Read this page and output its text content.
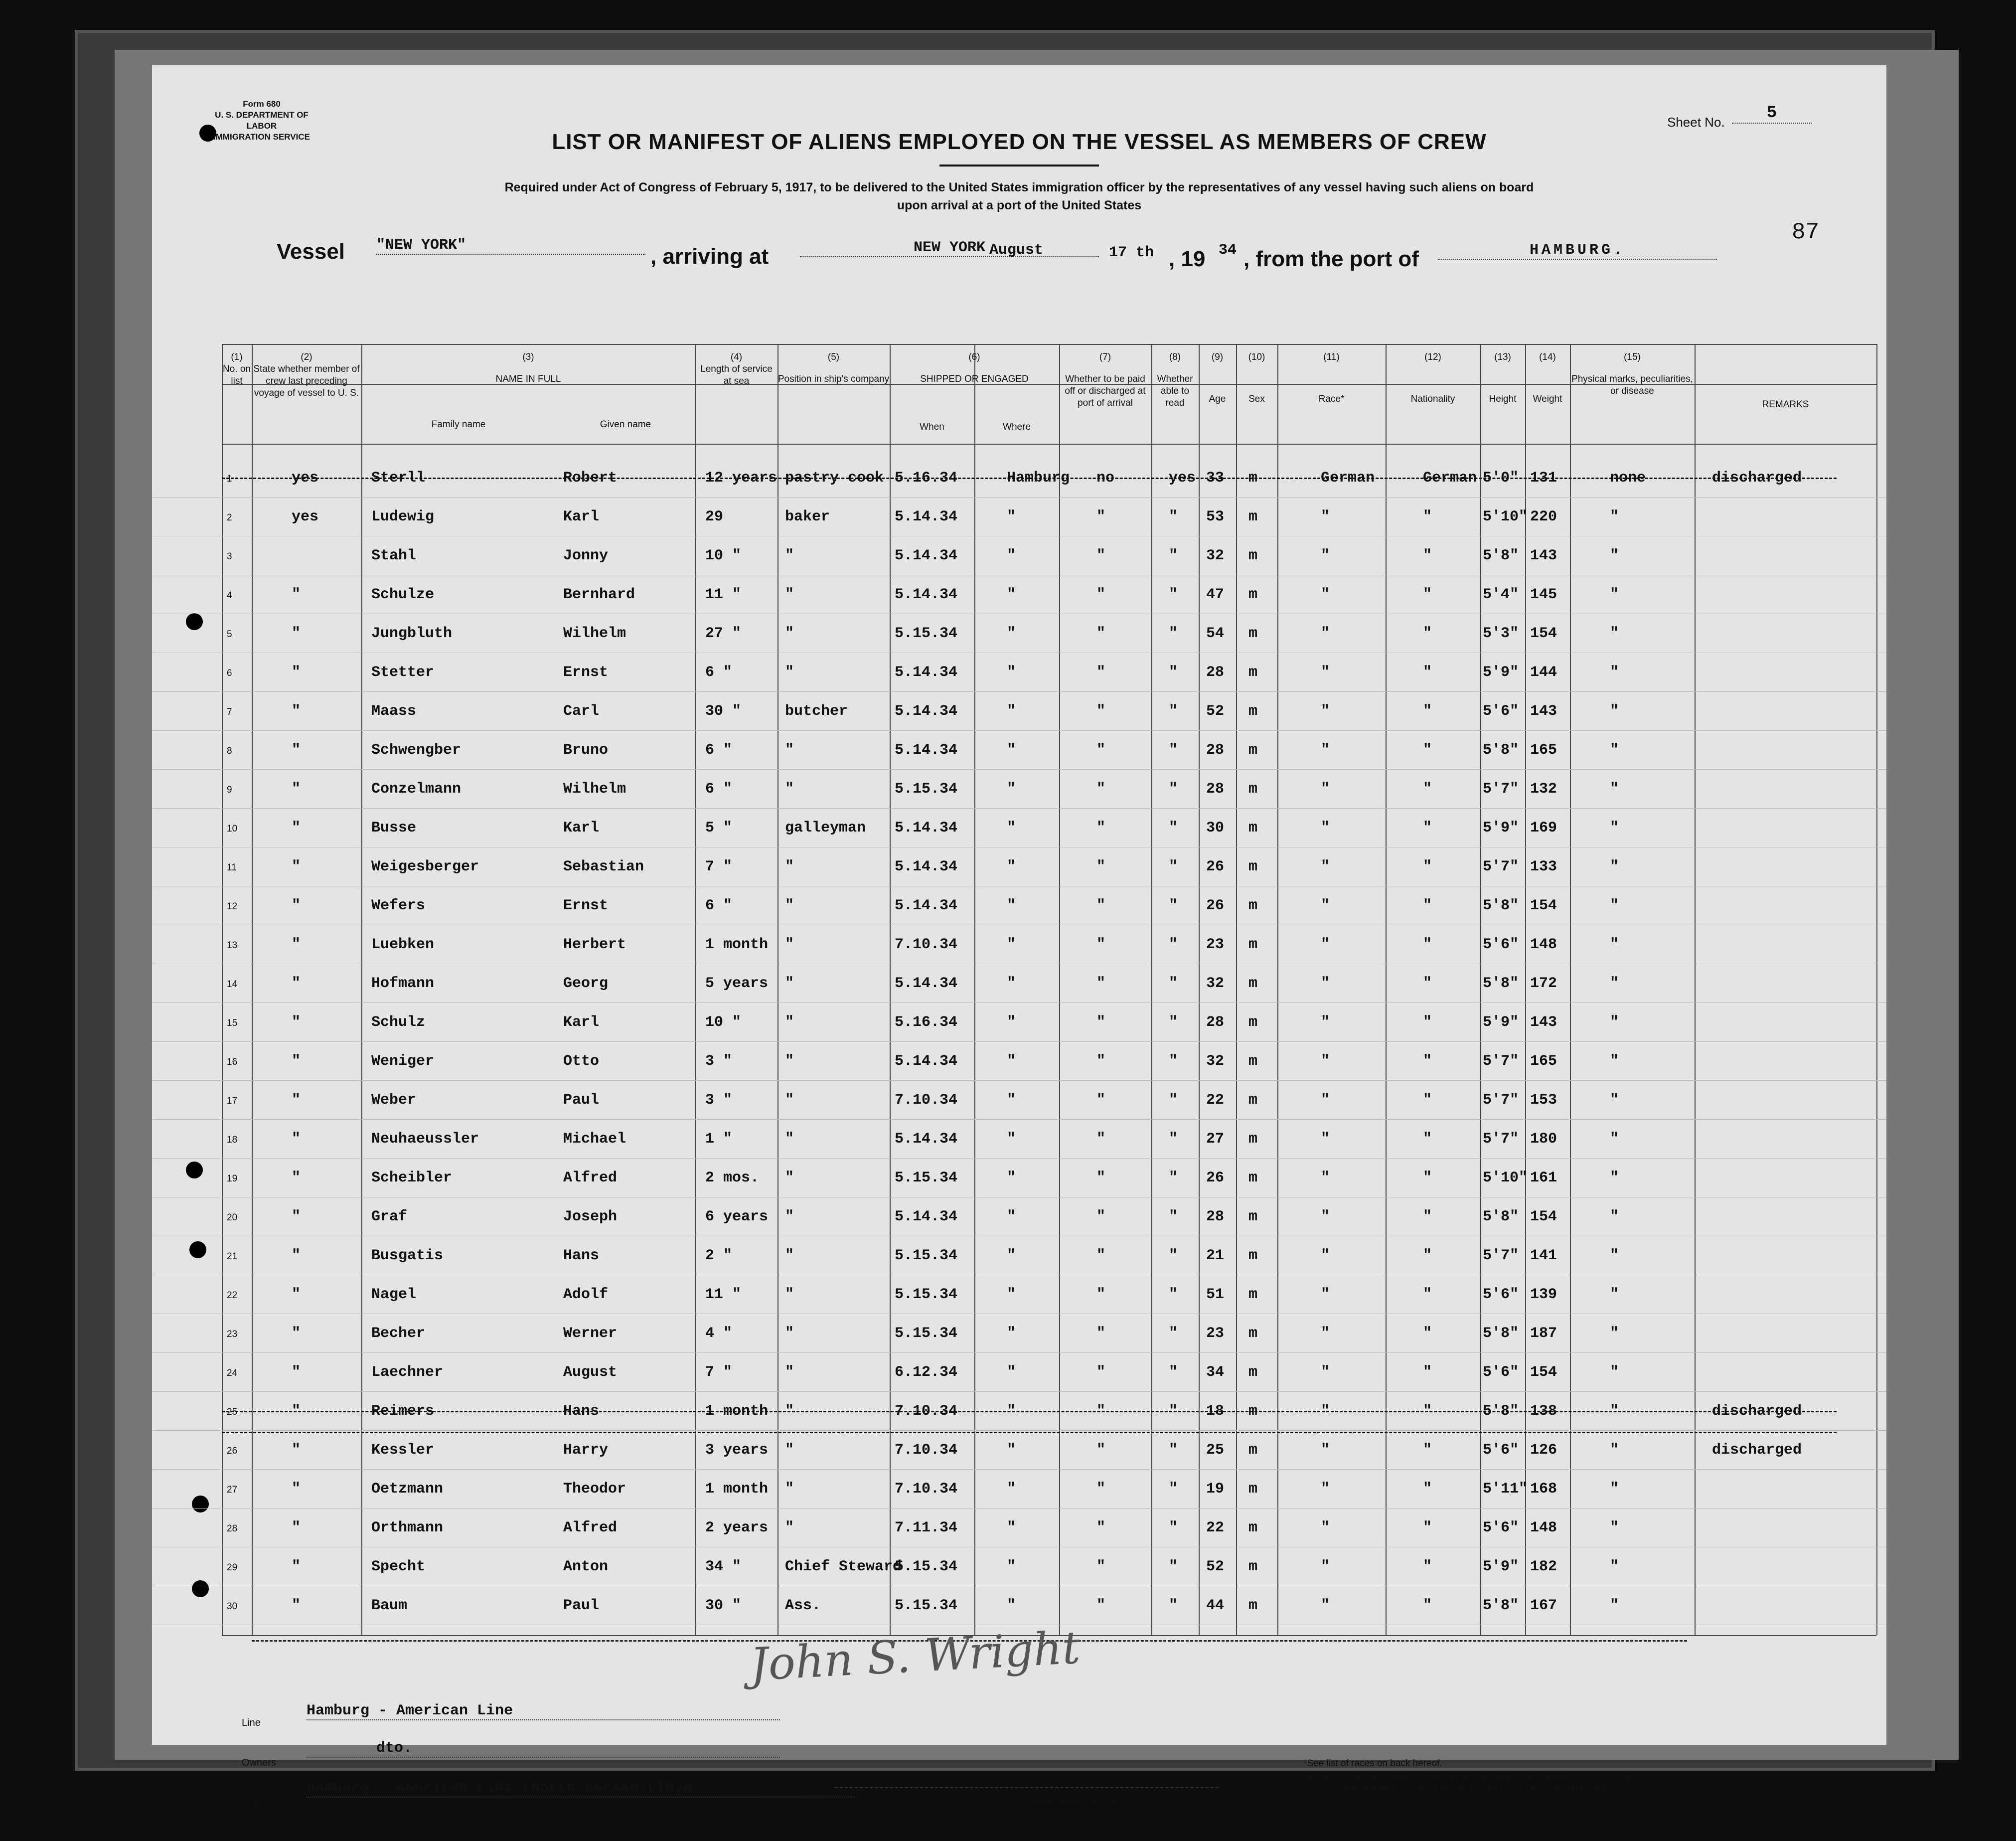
Form 680
U. S. DEPARTMENT OF LABOR
IMMIGRATION SERVICE
Sheet No.	5
87
LIST OR MANIFEST OF ALIENS EMPLOYED ON THE VESSEL AS MEMBERS OF CREW
Required under Act of Congress of February 5, 1917, to be delivered to the United States immigration officer by the representatives of any vessel having such aliens on board
upon arrival at a port of the United States
Vessel "NEW YORK"	, arriving at	NEW YORK August	17 th , 19 34 , from the port of	HAMBURG.
(1)
No. on list
(2)
State whether member of crew last preceding voyage of vessel to U. S.
(3)
NAME IN FULL
Family name	Given name
(4)
Length of service at sea
(5)
Position in ship's company
(6)
SHIPPED OR ENGAGED
When	Where
(7)
Whether to be paid off or discharged at port of arrival
(8)
Whether able to read
(9)
Age
(10)
Sex
(11)
Race*
(12)
Nationality
(13)
Height
(14)
Weight
(15)
Physical marks, peculiarities, or disease
REMARKS
1	yes	Sterll	Robert	12 years pastry cook 5.16.34	Hamburg no	yes 33 m	German	German 5'0" 131	none	discharged
2	yes	Ludewig	Karl	29	baker	5.14.34	"	"	" 53 m	"	"	5'10" 220	"
3	Stahl	Jonny	10 "	"	5.14.34	"	"	" 32 m	"	"	5'8" 143	"
4	"	Schulze	Bernhard	11 "	"	5.14.34	"	"	" 47 m	"	"	5'4" 145	"
5	"	Jungbluth	Wilhelm	27 "	"	5.15.34	"	"	" 54 m	"	"	5'3" 154	"
6	"	Stetter	Ernst	6 "	"	5.14.34	"	"	" 28 m	"	"	5'9" 144	"
7	"	Maass	Carl	30 "	butcher	5.14.34	"	"	" 52 m	"	"	5'6" 143	"
8	"	Schwengber	Bruno	6 "	"	5.14.34	"	"	" 28 m	"	"	5'8" 165	"
9	"	Conzelmann	Wilhelm	6 "	"	5.15.34	"	"	" 28 m	"	"	5'7" 132	"
10	"	Busse	Karl	5 "	galleyman 5.14.34	"	"	" 30 m	"	"	5'9" 169	"
11	"	Weigesberger	Sebastian	7 "	"	5.14.34	"	"	" 26 m	"	"	5'7" 133	"
12	"	Wefers	Ernst	6 "	"	5.14.34	"	"	" 26 m	"	"	5'8" 154	"
13	"	Luebken	Herbert	1 month "	7.10.34	"	"	" 23 m	"	"	5'6" 148	"
14	"	Hofmann	Georg	5 years "	5.14.34	"	"	" 32 m	"	"	5'8" 172	"
15	"	Schulz	Karl	10 "	"	5.16.34	"	"	" 28 m	"	"	5'9" 143	"
16	"	Weniger	Otto	3 "	"	5.14.34	"	"	" 32 m	"	"	5'7" 165	"
17	"	Weber	Paul	3 "	"	7.10.34	"	"	" 22 m	"	"	5'7" 153	"
18	"	Neuhaeussler	Michael	1 "	"	5.14.34	"	"	" 27 m	"	"	5'7" 180	"
19	"	Scheibler	Alfred	2 mos. "	5.15.34	"	"	" 26 m	"	"	5'10" 161	"
20	"	Graf	Joseph	6 years "	5.14.34	"	"	" 28 m	"	"	5'8" 154	"
21	"	Busgatis	Hans	2 "	"	5.15.34	"	"	" 21 m	"	"	5'7" 141	"
22	"	Nagel	Adolf	11 "	"	5.15.34	"	"	" 51 m	"	"	5'6" 139	"
23	"	Becher	Werner	4 "	"	5.15.34	"	"	" 23 m	"	"	5'8" 187	"
24	"	Laechner	August	7 "	"	6.12.34	"	"	" 34 m	"	"	5'6" 154	"
25	"	Reimers	Hans	1 month "	7.10.34	"	"	" 18 m	"	"	5'8" 138	"	discharged
26	"	Kessler	Harry	3 years "	7.10.34	"	"	" 25 m	"	"	5'6" 126	"	discharged
27	"	Oetzmann	Theodor	1 month "	7.10.34	"	"	" 19 m	"	"	5'11" 168	"
28	"	Orthmann	Alfred	2 years "	7.11.34	"	"	" 22 m	"	"	5'6" 148	"
29	"	Specht	Anton	34 "	Chief Steward
5.15.34	"	"	" 52 m	"	"	5'9" 182	"
30	"	Baum	Paul	30 "	Ass.	5.15.34	"	"	" 44 m	"	"	5'8" 167	"
John S. Wright
Line
Hamburg - American Line
Owners
dto.
Local Agents
Hamburg - American Line /North German Lloyd.
Immigrant Inspector.
*See list of races on back hereof.
NOTE. — Failure to furnish full or correct information in columns (3), (6), (7), and (8)
is punishable by a fine of ten dollars for each alien. See other side.
H8 gel 33 nd	Sch 571
